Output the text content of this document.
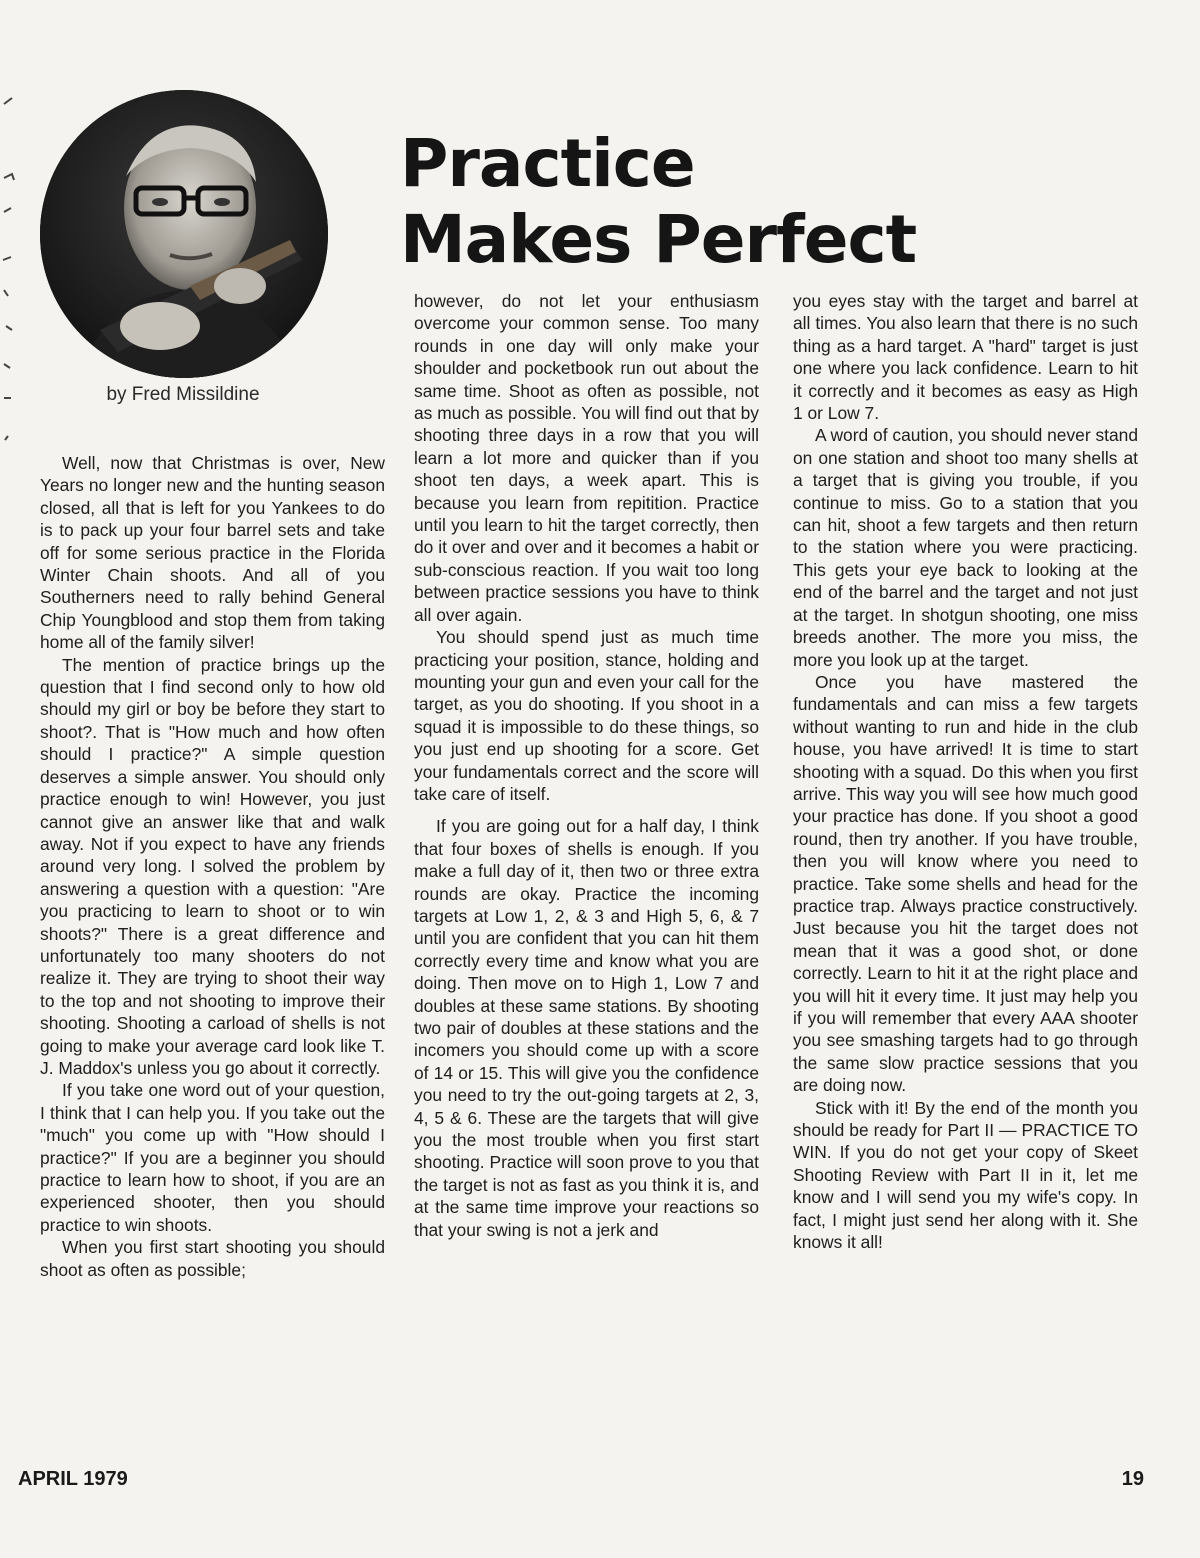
Practice
Makes Perfect
by Fred Missildine

Well, now that Christmas is over, New Years no longer new and the hunting season closed, all that is left for you Yankees to do is to pack up your four barrel sets and take off for some serious practice in the Florida Winter Chain shoots. And all of you Southerners need to rally behind General Chip Youngblood and stop them from taking home all of the family silver!

The mention of practice brings up the question that I find second only to how old should my girl or boy be before they start to shoot?. That is "How much and how often should I practice?" A simple question deserves a simple answer. You should only practice enough to win! However, you just cannot give an answer like that and walk away. Not if you expect to have any friends around very long. I solved the problem by answering a question with a question: "Are you practicing to learn to shoot or to win shoots?" There is a great difference and unfortunately too many shooters do not realize it. They are trying to shoot their way to the top and not shooting to improve their shooting. Shooting a carload of shells is not going to make your average card look like T. J. Maddox's unless you go about it correctly.

If you take one word out of your question, I think that I can help you. If you take out the "much" you come up with "How should I practice?" If you are a beginner you should practice to learn how to shoot, if you are an experienced shooter, then you should practice to win shoots.

When you first start shooting you should shoot as often as possible;

however, do not let your enthusiasm overcome your common sense. Too many rounds in one day will only make your shoulder and pocketbook run out about the same time. Shoot as often as possible, not as much as possible. You will find out that by shooting three days in a row that you will learn a lot more and quicker than if you shoot ten days, a week apart. This is because you learn from repitition. Practice until you learn to hit the target correctly, then do it over and over and it becomes a habit or sub-conscious reaction. If you wait too long between practice sessions you have to think all over again.

You should spend just as much time practicing your position, stance, holding and mounting your gun and even your call for the target, as you do shooting. If you shoot in a squad it is impossible to do these things, so you just end up shooting for a score. Get your fundamentals correct and the score will take care of itself.

If you are going out for a half day, I think that four boxes of shells is enough. If you make a full day of it, then two or three extra rounds are okay. Practice the incoming targets at Low 1, 2, & 3 and High 5, 6, & 7 until you are confident that you can hit them correctly every time and know what you are doing. Then move on to High 1, Low 7 and doubles at these same stations. By shooting two pair of doubles at these stations and the incomers you should come up with a score of 14 or 15. This will give you the confidence you need to try the out-going targets at 2, 3, 4, 5 & 6. These are the targets that will give you the most trouble when you first start shooting. Practice will soon prove to you that the target is not as fast as you think it is, and at the same time improve your reactions so that your swing is not a jerk and

you eyes stay with the target and barrel at all times. You also learn that there is no such thing as a hard target. A "hard" target is just one where you lack confidence. Learn to hit it correctly and it becomes as easy as High 1 or Low 7.

A word of caution, you should never stand on one station and shoot too many shells at a target that is giving you trouble, if you continue to miss. Go to a station that you can hit, shoot a few targets and then return to the station where you were practicing. This gets your eye back to looking at the end of the barrel and the target and not just at the target. In shotgun shooting, one miss breeds another. The more you miss, the more you look up at the target.

Once you have mastered the fundamentals and can miss a few targets without wanting to run and hide in the club house, you have arrived! It is time to start shooting with a squad. Do this when you first arrive. This way you will see how much good your practice has done. If you shoot a good round, then try another. If you have trouble, then you will know where you need to practice. Take some shells and head for the practice trap. Always practice constructively. Just because you hit the target does not mean that it was a good shot, or done correctly. Learn to hit it at the right place and you will hit it every time. It just may help you if you will remember that every AAA shooter you see smashing targets had to go through the same slow practice sessions that you are doing now.

Stick with it! By the end of the month you should be ready for Part II — PRACTICE TO WIN. If you do not get your copy of Skeet Shooting Review with Part II in it, let me know and I will send you my wife's copy. In fact, I might just send her along with it. She knows it all!

APRIL 1979	19
